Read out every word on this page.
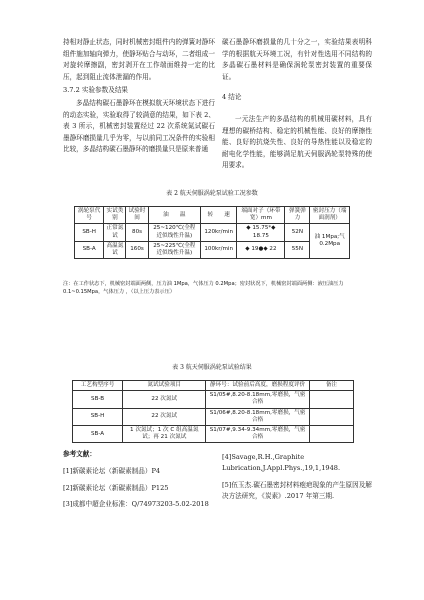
持相对静止状态，同时机械密封组件内的弹簧对静环组件施加轴向弹力，使静环贴合与动环，二者组成一对旋转摩擦副，密封剥开在工作端面维持一定的比压，起到阻止流体泄漏的作用。

3.7.2 实验参数及结果

多晶结构碳石墨静环在模拟航天环境状态下进行的动态实验，实验取得了较满意的结果，如下表 2、表 3 所示，机械密封装置经过 22 次系统氮试碳石墨静环磨损量几乎为零，与以前同工况条件的实验相比较，多晶结构碳石墨静环的磨损量只是原来普通

碳石墨静环磨损量的几十分之一，实验结果表明科学的根据航天环境工况，有针对性选用不同结构的多晶碳石墨材料是确保涡轮泵密封装置的重要保证。

4 结论

一元法生产的多晶结构的机械用碳材料，具有理想的碳桥结构、稳定的机械性能、良好的摩擦性能、良好的抗烧失性、良好的导热性能以及稳定的耐电化学性能，能够满足航天伺服涡轮泵特殊的使用要求。

表 2 航天伺服涡轮泵试验工况参数
涡轮泵代号	实试类别	试验时间	油　　温	转　　速	端面对子（环带宽）mm	弹簧弹力	密封压力（端面润剂）
SB-H	正常氮试	80s	25~120℃(全程近似线性升温)	120kr/min	◆ 15.75*◆ 18.75	52N	油 1Mpa;气 0.2Mpa
SB-A	高温氮试	160s	25~225℃(全程近似线性升温)	100kr/min	◆ 19●◆ 22	55N	
注：在工作状态下，机械密封端面两侧，压力油 1Mpa，气体压力 0.2Mpa；密封状况下，机械密封端面两侧：液压油压力 0.1~0.15Mpa，气体压力 ，（以上压力表示压）
表 3 航天伺服涡轮泵试验结果
工艺构型序号	氮试试验项目	静环号：试验前后高度，磨损程度评价	备注
SB-B	22 次氮试	S1/05#,8.20-8.18mm,零磨损，气密合格	
SB-H	22 次氮试	S1/06#,8.20-8.18mm,零磨损，气密合格	
SB-A	1 次氮试；1 次 C 组高温氮试；再 21 次氮试	S1/07#,9.34-9.34mm,零磨损，气密合格	
参考文献：

[1]新碳素论坛（新碳素制品）P4

[2]新碳素论坛（新碳素制品）P125

[3]成都中超企业标准：Q/74973203-5.02-2018

[4]Savage,R.H.,Graphite Lubrication,J.Appl.Phys.,19,1,1948.

[5]伍玉杰.碳石墨密封材料疱疤现象的产生原因及解决方法研究，《炭素》.2017 年第三期.
